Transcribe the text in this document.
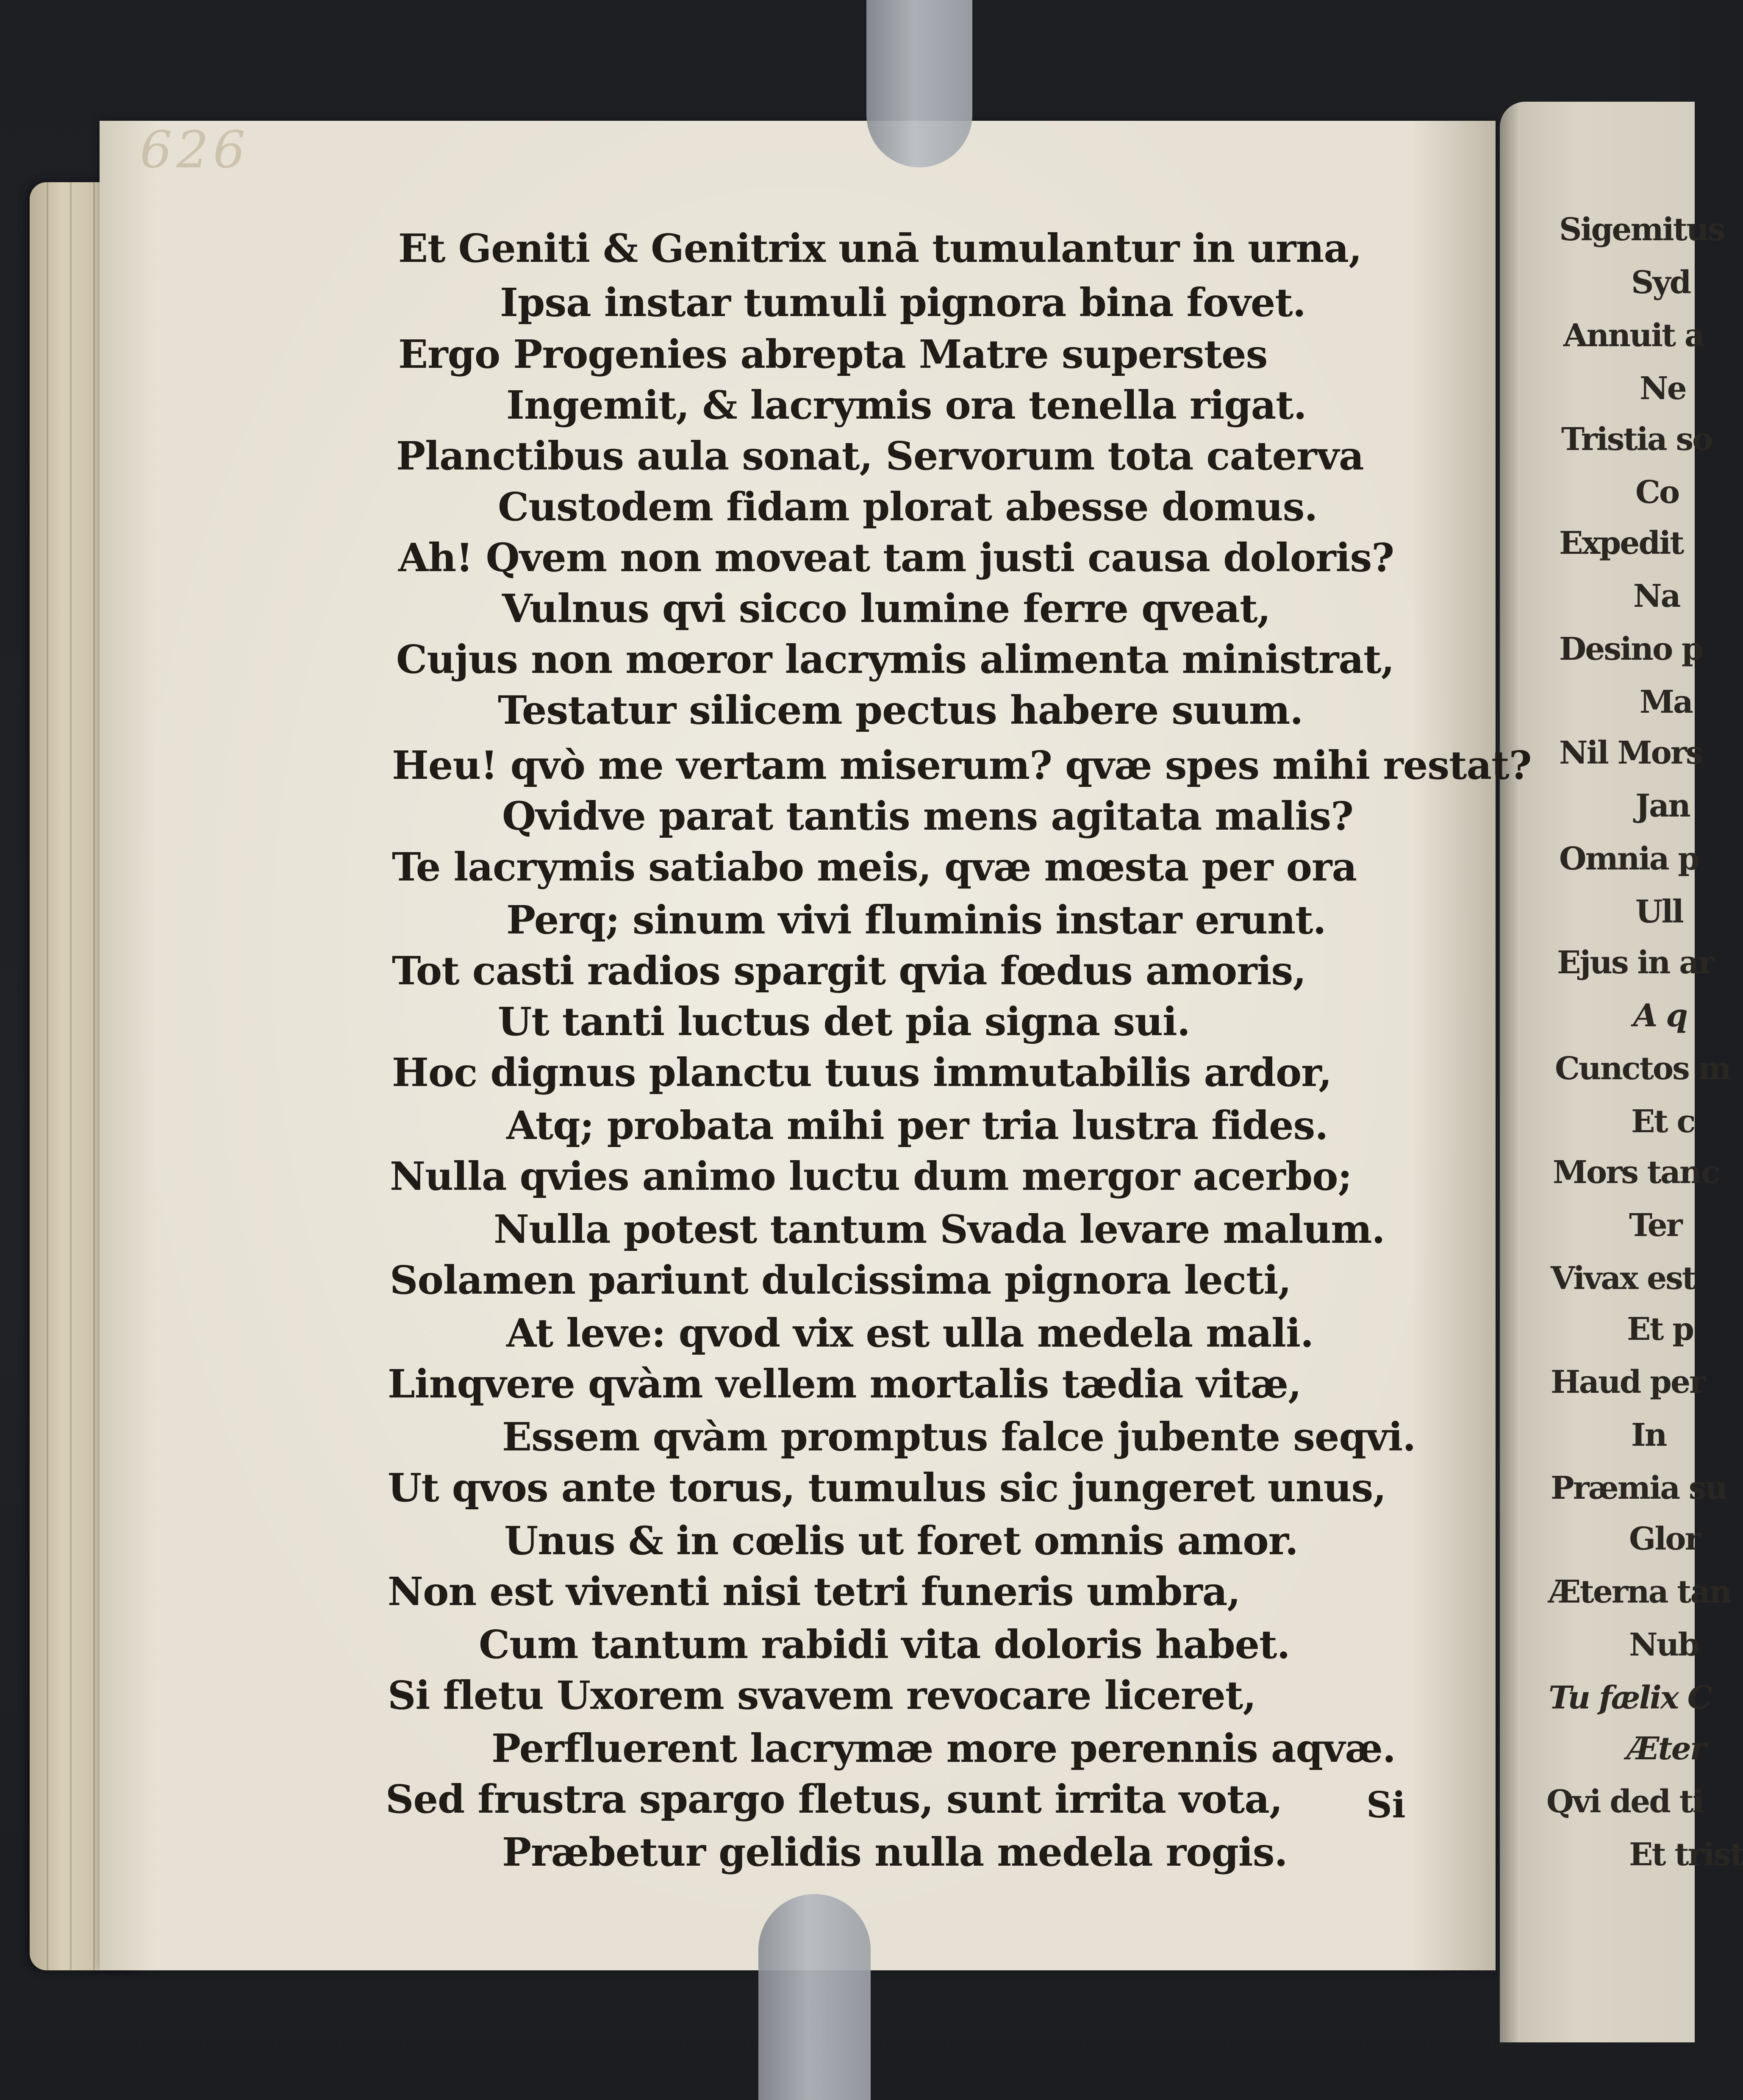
Sigemitus

Syd

Annuit a

Ne

Tristia so

Co

Expedit

Na

Desino p

Ma

Nil Mors

Jan

Omnia p

Ull

Ejus in ar

A q

Cunctos m

Et c

Mors tanc

Ter

Vivax est

Et p

Haud per

In

Præmia su

Glor

Æterna tan

Nub

Tu fælix C

Æter

Qvi ded ti

Et trist

626

Et Geniti & Genitrix unā tumulantur in urna,

Ipsa instar tumuli pignora bina fovet.

Ergo Progenies abrepta Matre superstes

Ingemit, & lacrymis ora tenella rigat.

Planctibus aula sonat, Servorum tota caterva

Custodem fidam plorat abesse domus.

Ah! Qvem non moveat tam justi causa doloris?

Vulnus qvi sicco lumine ferre qveat,

Cujus non mœror lacrymis alimenta ministrat,

Testatur silicem pectus habere suum.

Heu! qvò me vertam miserum? qvæ spes mihi restat?

Qvidve parat tantis mens agitata malis?

Te lacrymis satiabo meis, qvæ mœsta per ora

Perq; sinum vivi fluminis instar erunt.

Tot casti radios spargit qvia fœdus amoris,

Ut tanti luctus det pia signa sui.

Hoc dignus planctu tuus immutabilis ardor,

Atq; probata mihi per tria lustra fides.

Nulla qvies animo luctu dum mergor acerbo;

Nulla potest tantum Svada levare malum.

Solamen pariunt dulcissima pignora lecti,

At leve: qvod vix est ulla medela mali.

Linqvere qvàm vellem mortalis tædia vitæ,

Essem qvàm promptus falce jubente seqvi.

Ut qvos ante torus, tumulus sic jungeret unus,

Unus & in cœlis ut foret omnis amor.

Non est viventi nisi tetri funeris umbra,

Cum tantum rabidi vita doloris habet.

Si fletu Uxorem svavem revocare liceret,

Perfluerent lacrymæ more perennis aqvæ.

Sed frustra spargo fletus, sunt irrita vota,

Præbetur gelidis nulla medela rogis.

Si
